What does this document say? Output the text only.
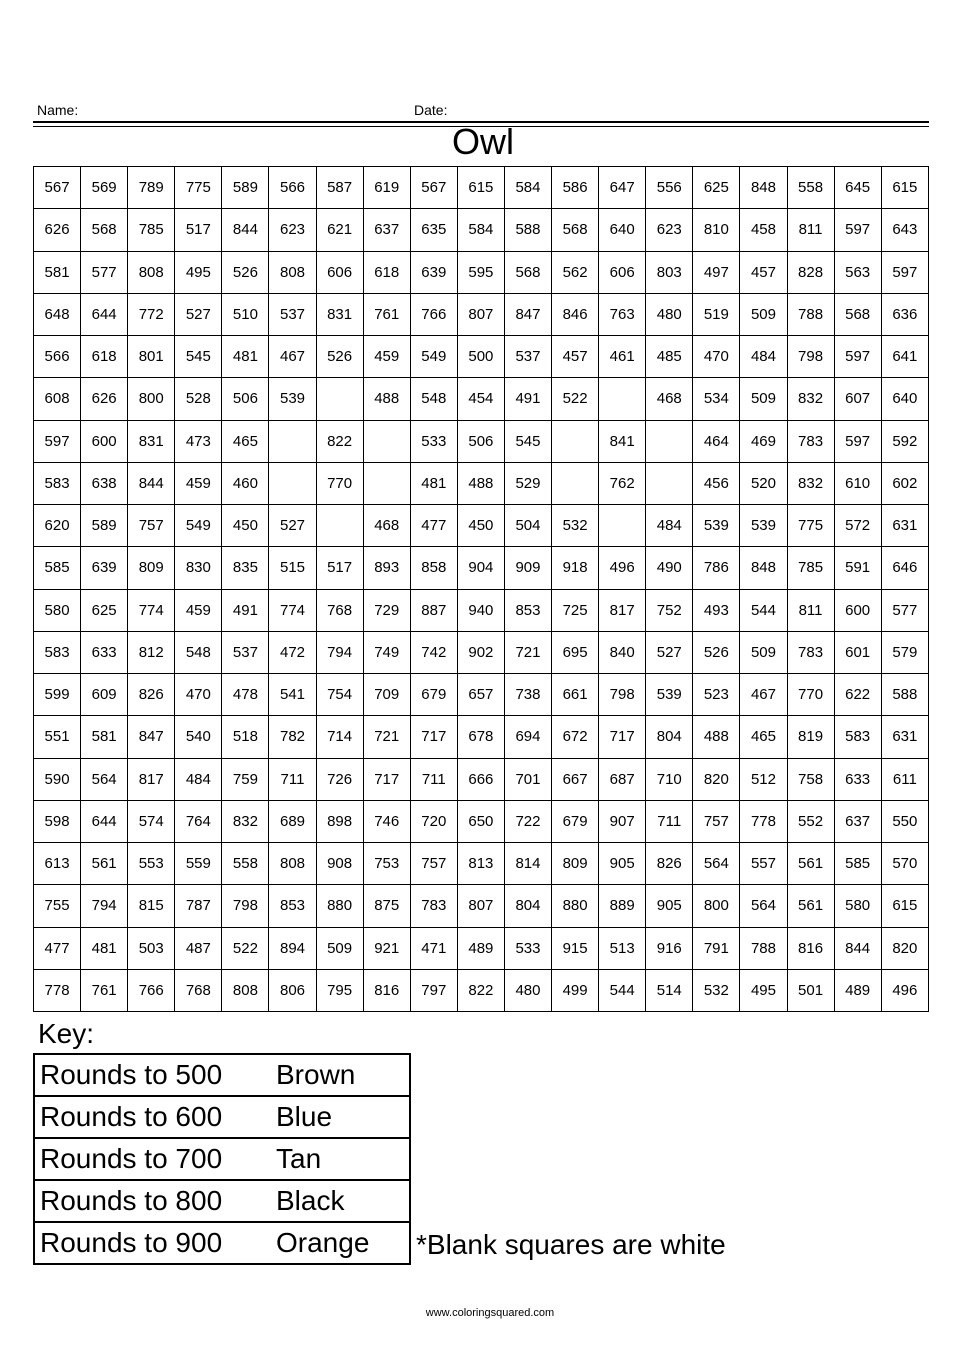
Name:	Date:
Owl
567	569	789	775	589	566	587	619	567	615	584	586	647	556	625	848	558	645	615
626	568	785	517	844	623	621	637	635	584	588	568	640	623	810	458	811	597	643
581	577	808	495	526	808	606	618	639	595	568	562	606	803	497	457	828	563	597
648	644	772	527	510	537	831	761	766	807	847	846	763	480	519	509	788	568	636
566	618	801	545	481	467	526	459	549	500	537	457	461	485	470	484	798	597	641
608	626	800	528	506	539		488	548	454	491	522		468	534	509	832	607	640
597	600	831	473	465		822		533	506	545		841		464	469	783	597	592
583	638	844	459	460		770		481	488	529		762		456	520	832	610	602
620	589	757	549	450	527		468	477	450	504	532		484	539	539	775	572	631
585	639	809	830	835	515	517	893	858	904	909	918	496	490	786	848	785	591	646
580	625	774	459	491	774	768	729	887	940	853	725	817	752	493	544	811	600	577
583	633	812	548	537	472	794	749	742	902	721	695	840	527	526	509	783	601	579
599	609	826	470	478	541	754	709	679	657	738	661	798	539	523	467	770	622	588
551	581	847	540	518	782	714	721	717	678	694	672	717	804	488	465	819	583	631
590	564	817	484	759	711	726	717	711	666	701	667	687	710	820	512	758	633	611
598	644	574	764	832	689	898	746	720	650	722	679	907	711	757	778	552	637	550
613	561	553	559	558	808	908	753	757	813	814	809	905	826	564	557	561	585	570
755	794	815	787	798	853	880	875	783	807	804	880	889	905	800	564	561	580	615
477	481	503	487	522	894	509	921	471	489	533	915	513	916	791	788	816	844	820
778	761	766	768	808	806	795	816	797	822	480	499	544	514	532	495	501	489	496
Key:
Rounds to 500	Brown
Rounds to 600	Blue
Rounds to 700	Tan
Rounds to 800	Black
Rounds to 900	Orange *Blank squares are white
www.coloringsquared.com
